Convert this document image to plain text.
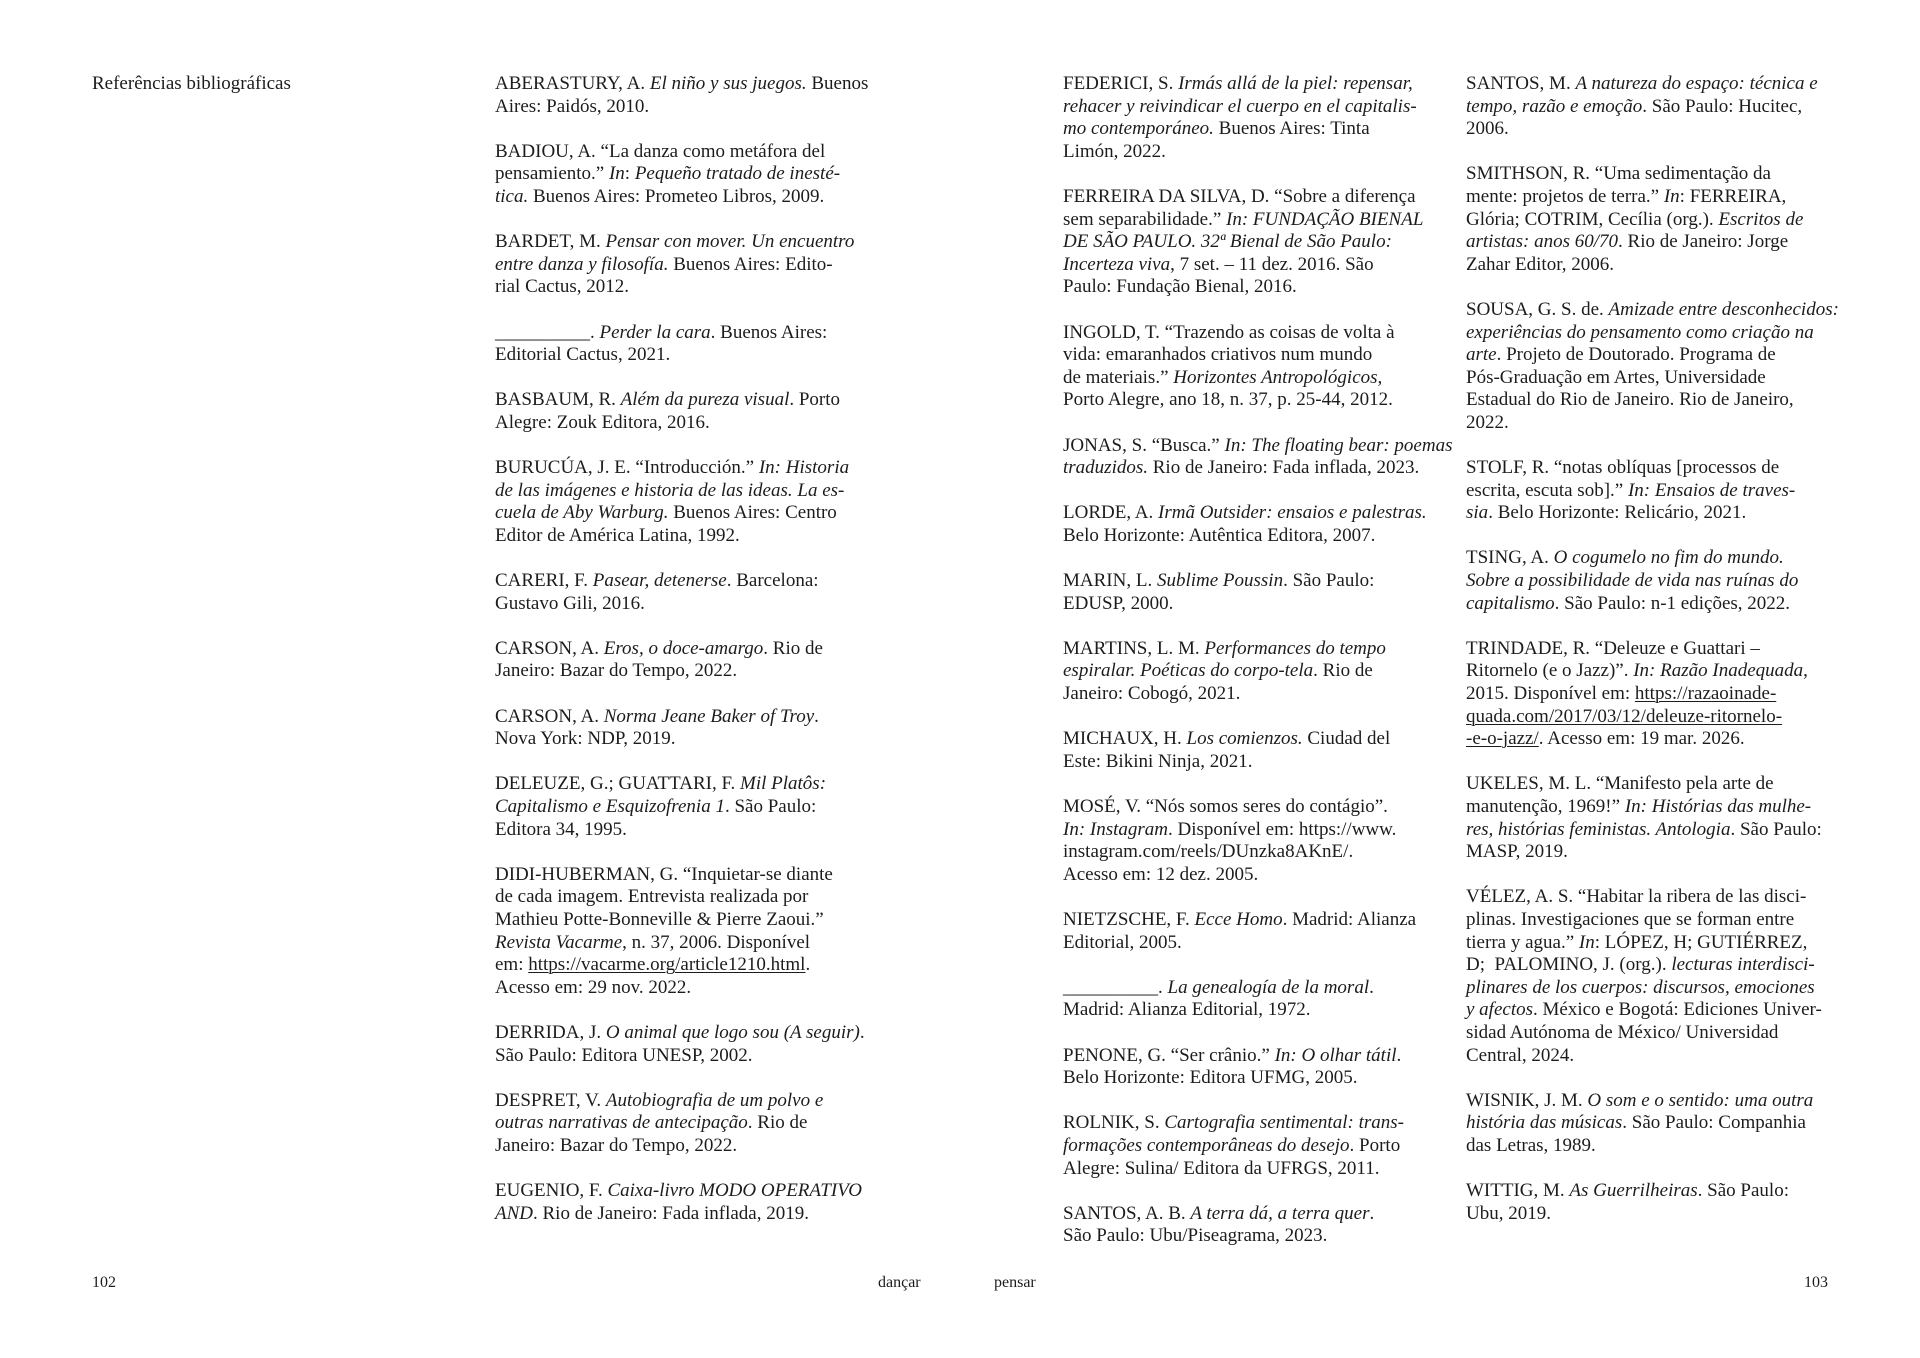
Referências bibliográficas	ABERASTURY, A. El niño y sus juegos. Buenos
Aires: Paidós, 2010.
BADIOU, A. “La danza como metáfora del
pensamiento.” In: Pequeño tratado de inesté-
tica. Buenos Aires: Prometeo Libros, 2009.
BARDET, M. Pensar con mover. Un encuentro
entre danza y filosofía. Buenos Aires: Edito-
rial Cactus, 2012.
__________. Perder la cara. Buenos Aires:
Editorial Cactus, 2021.
BASBAUM, R. Além da pureza visual. Porto
Alegre: Zouk Editora, 2016.
BURUCÚA, J. E. “Introducción.” In: Historia
de las imágenes e historia de las ideas. La es-
cuela de Aby Warburg. Buenos Aires: Centro
Editor de América Latina, 1992.
CARERI, F. Pasear, detenerse. Barcelona:
Gustavo Gili, 2016.
CARSON, A. Eros, o doce-amargo. Rio de
Janeiro: Bazar do Tempo, 2022.
CARSON, A. Norma Jeane Baker of Troy.
Nova York: NDP, 2019.
DELEUZE, G.; GUATTARI, F. Mil Platôs:
Capitalismo e Esquizofrenia 1. São Paulo:
Editora 34, 1995.
DIDI-HUBERMAN, G. “Inquietar-se diante
de cada imagem. Entrevista realizada por
Mathieu Potte-Bonneville & Pierre Zaoui.”
Revista Vacarme, n. 37, 2006. Disponível
em: https://vacarme.org/article1210.html.
Acesso em: 29 nov. 2022.
DERRIDA, J. O animal que logo sou (A seguir).
São Paulo: Editora UNESP, 2002.
DESPRET, V. Autobiografia de um polvo e
outras narrativas de antecipação. Rio de
Janeiro: Bazar do Tempo, 2022.
EUGENIO, F. Caixa-livro MODO OPERATIVO
AND. Rio de Janeiro: Fada inflada, 2019.
102	dançar
FEDERICI, S. Irmás allá de la piel: repensar,
rehacer y reivindicar el cuerpo en el capitalis-
mo contemporáneo. Buenos Aires: Tinta
Limón, 2022.
FERREIRA DA SILVA, D. “Sobre a diferença
sem separabilidade.” In: FUNDAÇÃO BIENAL
DE SÃO PAULO. 32ª Bienal de São Paulo:
Incerteza viva, 7 set. – 11 dez. 2016. São
Paulo: Fundação Bienal, 2016.
INGOLD, T. “Trazendo as coisas de volta à
vida: emaranhados criativos num mundo
de materiais.” Horizontes Antropológicos,
Porto Alegre, ano 18, n. 37, p. 25-44, 2012.
JONAS, S. “Busca.” In: The floating bear: poemas
traduzidos. Rio de Janeiro: Fada inflada, 2023.
LORDE, A. Irmã Outsider: ensaios e palestras.
Belo Horizonte: Autêntica Editora, 2007.
MARIN, L. Sublime Poussin. São Paulo:
EDUSP, 2000.
MARTINS, L. M. Performances do tempo
espiralar. Poéticas do corpo-tela. Rio de
Janeiro: Cobogó, 2021.
MICHAUX, H. Los comienzos. Ciudad del
Este: Bikini Ninja, 2021.
MOSÉ, V. “Nós somos seres do contágio”.
In: Instagram. Disponível em: https://www.
instagram.com/reels/DUnzka8AKnE/.
Acesso em: 12 dez. 2005.
NIETZSCHE, F. Ecce Homo. Madrid: Alianza
Editorial, 2005.
__________. La genealogía de la moral.
Madrid: Alianza Editorial, 1972.
PENONE, G. “Ser crânio.” In: O olhar tátil.
Belo Horizonte: Editora UFMG, 2005.
ROLNIK, S. Cartografia sentimental: trans-
formações contemporâneas do desejo. Porto
Alegre: Sulina/ Editora da UFRGS, 2011.
SANTOS, A. B. A terra dá, a terra quer.
São Paulo: Ubu/Piseagrama, 2023.
SANTOS, M. A natureza do espaço: técnica e
tempo, razão e emoção. São Paulo: Hucitec,
2006.
SMITHSON, R. “Uma sedimentação da
mente: projetos de terra.” In: FERREIRA,
Glória; COTRIM, Cecília (org.). Escritos de
artistas: anos 60/70. Rio de Janeiro: Jorge
Zahar Editor, 2006.
SOUSA, G. S. de. Amizade entre desconhecidos:
experiências do pensamento como criação na
arte. Projeto de Doutorado. Programa de
Pós-Graduação em Artes, Universidade
Estadual do Rio de Janeiro. Rio de Janeiro,
2022.
STOLF, R. “notas oblíquas [processos de
escrita, escuta sob].” In: Ensaios de traves-
sia. Belo Horizonte: Relicário, 2021.
TSING, A. O cogumelo no fim do mundo.
Sobre a possibilidade de vida nas ruínas do
capitalismo. São Paulo: n-1 edições, 2022.
TRINDADE, R. “Deleuze e Guattari –
Ritornelo (e o Jazz)”. In: Razão Inadequada,
2015. Disponível em: https://razaoinade-
quada.com/2017/03/12/deleuze-ritornelo-
-e-o-jazz/. Acesso em: 19 mar. 2026.
UKELES, M. L. “Manifesto pela arte de
manutenção, 1969!” In: Histórias das mulhe-
res, histórias feministas. Antologia. São Paulo:
MASP, 2019.
VÉLEZ, A. S. “Habitar la ribera de las disci-
plinas. Investigaciones que se forman entre
tierra y agua.” In: LÓPEZ, H; GUTIÉRREZ,
D;  PALOMINO, J. (org.). lecturas interdisci-
plinares de los cuerpos: discursos, emociones
y afectos. México e Bogotá: Ediciones Univer-
sidad Autónoma de México/ Universidad
Central, 2024.
WISNIK, J. M. O som e o sentido: uma outra
história das músicas. São Paulo: Companhia
das Letras, 1989.
WITTIG, M. As Guerrilheiras. São Paulo:
Ubu, 2019.
pensar	103
